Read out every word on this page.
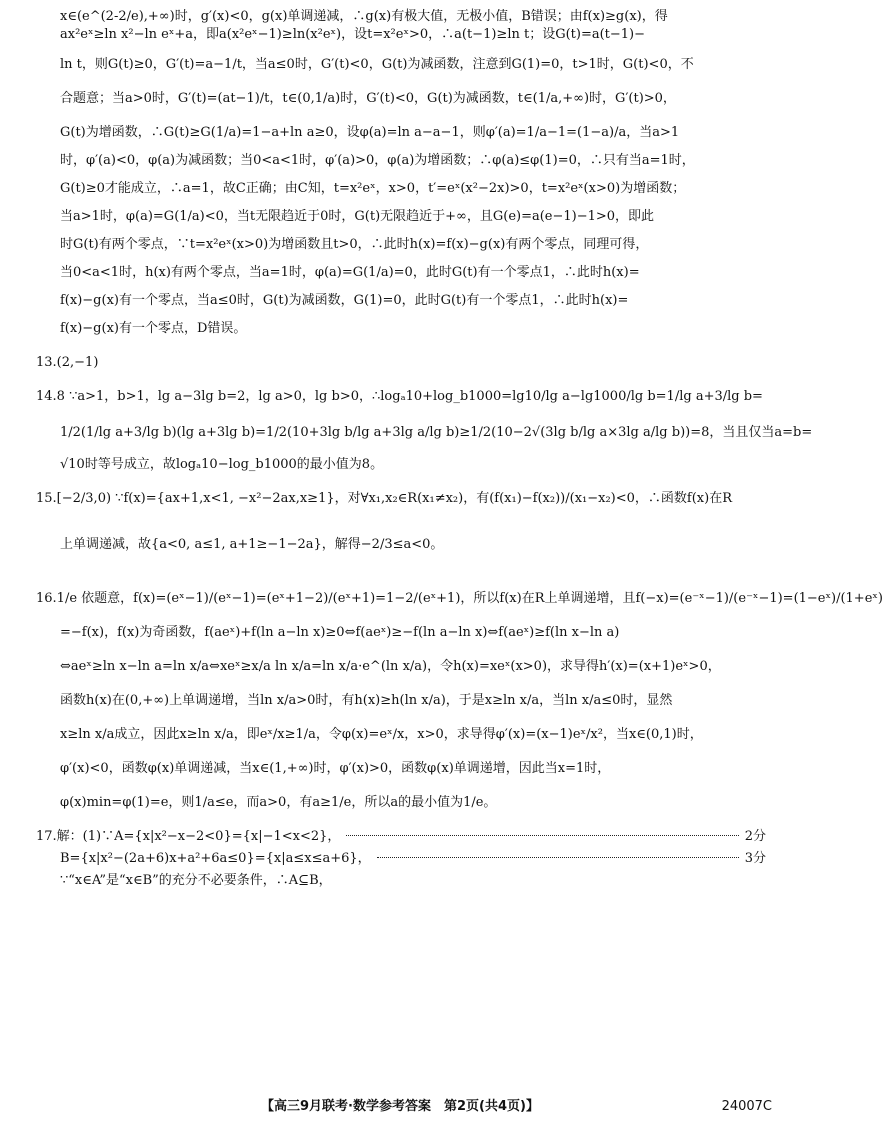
x∈(e^(2-2/e),+∞)时，g′(x)<0，g(x)单调递减，∴g(x)有极大值，无极小值，B错误；由f(x)≥g(x)，得

ax²eˣ≥ln x²−ln eˣ+a，即a(x²eˣ−1)≥ln(x²eˣ)，设t=x²eˣ>0，∴a(t−1)≥ln t；设G(t)=a(t−1)−

ln t，则G(t)≥0，G′(t)=a−1/t，当a≤0时，G′(t)<0，G(t)为减函数，注意到G(1)=0，t>1时，G(t)<0，不

合题意；当a>0时，G′(t)=(at−1)/t，t∈(0,1/a)时，G′(t)<0，G(t)为减函数，t∈(1/a,+∞)时，G′(t)>0，

G(t)为增函数，∴G(t)≥G(1/a)=1−a+ln a≥0，设φ(a)=ln a−a−1，则φ′(a)=1/a−1=(1−a)/a，当a>1

时，φ′(a)<0，φ(a)为减函数；当0<a<1时，φ′(a)>0，φ(a)为增函数；∴φ(a)≤φ(1)=0，∴只有当a=1时，

G(t)≥0才能成立，∴a=1，故C正确；由C知，t=x²eˣ，x>0，t′=eˣ(x²−2x)>0，t=x²eˣ(x>0)为增函数；

当a>1时，φ(a)=G(1/a)<0，当t无限趋近于0时，G(t)无限趋近于+∞，且G(e)=a(e−1)−1>0，即此

时G(t)有两个零点，∵t=x²eˣ(x>0)为增函数且t>0，∴此时h(x)=f(x)−g(x)有两个零点，同理可得，

当0<a<1时，h(x)有两个零点，当a=1时，φ(a)=G(1/a)=0，此时G(t)有一个零点1，∴此时h(x)=

f(x)−g(x)有一个零点，当a≤0时，G(t)为减函数，G(1)=0，此时G(t)有一个零点1，∴此时h(x)=

f(x)−g(x)有一个零点，D错误。

13.(2,−1)

14.8 ∵a>1，b>1，lg a−3lg b=2，lg a>0，lg b>0，∴logₐ10+log_b1000=lg10/lg a−lg1000/lg b=1/lg a+3/lg b=

1/2(1/lg a+3/lg b)(lg a+3lg b)=1/2(10+3lg b/lg a+3lg a/lg b)≥1/2(10−2√(3lg b/lg a×3lg a/lg b))=8，当且仅当a=b=

√10时等号成立，故logₐ10−log_b1000的最小值为8。

15.[−2/3,0) ∵f(x)={ax+1,x<1, −x²−2ax,x≥1}，对∀x₁,x₂∈R(x₁≠x₂)，有(f(x₁)−f(x₂))/(x₁−x₂)<0，∴函数f(x)在R

上单调递减，故{a<0, a≤1, a+1≥−1−2a}，解得−2/3≤a<0。

16.1/e 依题意，f(x)=(eˣ−1)/(eˣ−1)=(eˣ+1−2)/(eˣ+1)=1−2/(eˣ+1)，所以f(x)在R上单调递增，且f(−x)=(e⁻ˣ−1)/(e⁻ˣ−1)=(1−eˣ)/(1+eˣ)

=−f(x)，f(x)为奇函数，f(aeˣ)+f(ln a−ln x)≥0⇔f(aeˣ)≥−f(ln a−ln x)⇔f(aeˣ)≥f(ln x−ln a)

⇔aeˣ≥ln x−ln a=ln x/a⇔xeˣ≥x/a ln x/a=ln x/a·e^(ln x/a)，令h(x)=xeˣ(x>0)，求导得h′(x)=(x+1)eˣ>0，

函数h(x)在(0,+∞)上单调递增，当ln x/a>0时，有h(x)≥h(ln x/a)，于是x≥ln x/a，当ln x/a≤0时，显然

x≥ln x/a成立，因此x≥ln x/a，即eˣ/x≥1/a，令φ(x)=eˣ/x，x>0，求导得φ′(x)=(x−1)eˣ/x²，当x∈(0,1)时，

φ′(x)<0，函数φ(x)单调递减，当x∈(1,+∞)时，φ′(x)>0，函数φ(x)单调递增，因此当x=1时，

φ(x)min=φ(1)=e，则1/a≤e，而a>0，有a≥1/e，所以a的最小值为1/e。

17.解：(1)∵A={x|x²−x−2<0}={x|−1<x<2}，	2分
B={x|x²−(2a+6)x+a²+6a≤0}={x|a≤x≤a+6}，	3分

∵“x∈A”是“x∈B”的充分不必要条件，∴A⊆B，

【高三9月联考·数学参考答案　第2页(共4页)】	24007C
